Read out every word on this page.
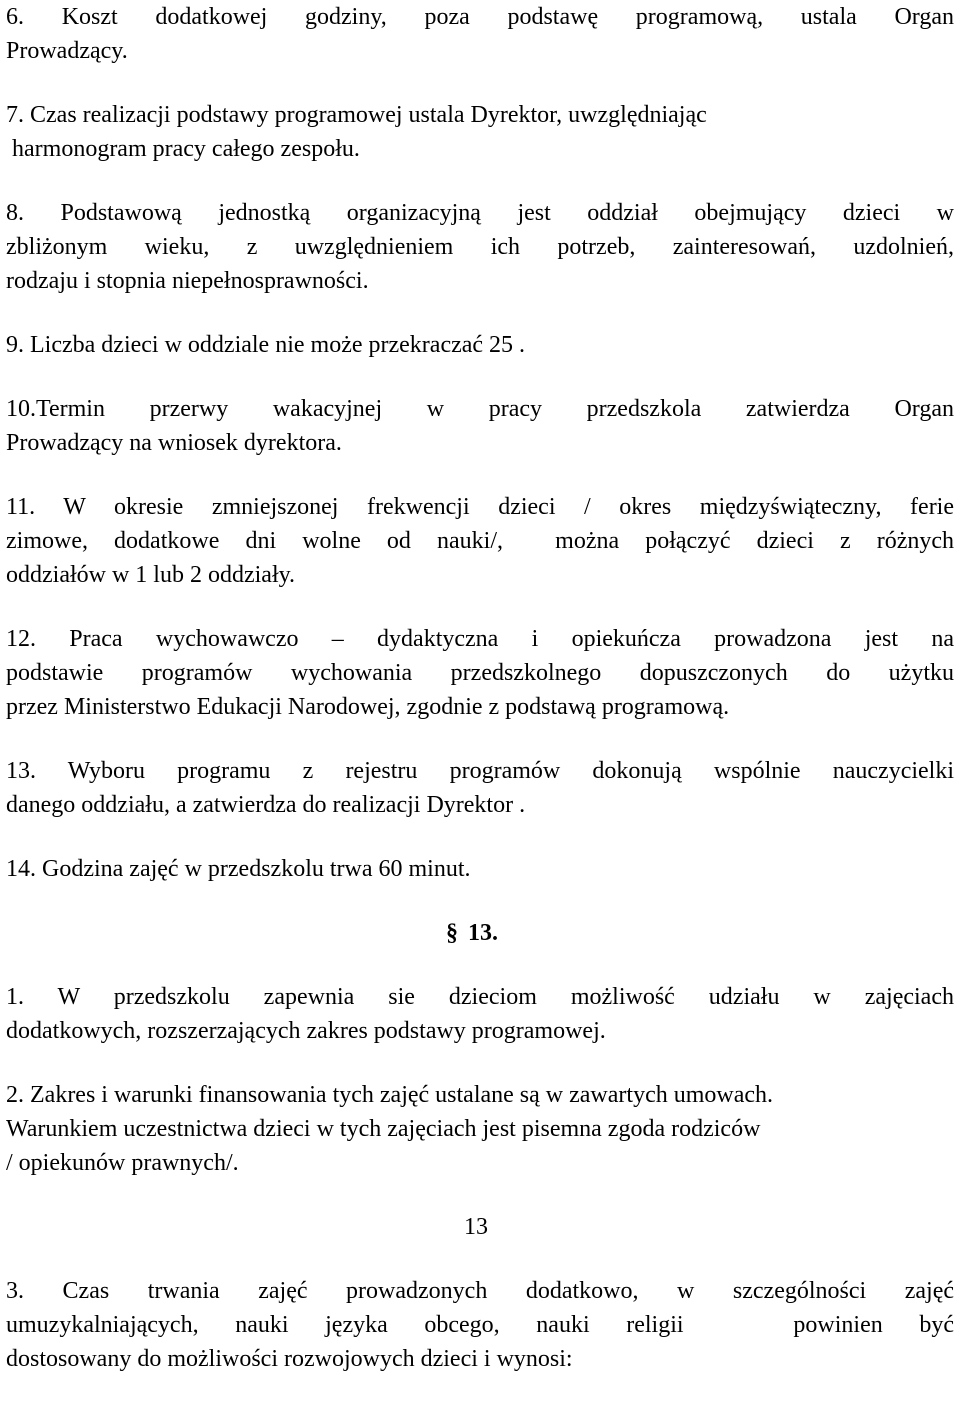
6. Koszt dodatkowej godziny, poza podstawę programową, ustala Organ

Prowadzący.

7. Czas realizacji podstawy programowej ustala Dyrektor, uwzględniając

harmonogram pracy całego zespołu.

8. Podstawową jednostką organizacyjną jest oddział obejmujący dzieci w

zbliżonym wieku, z uwzględnieniem ich potrzeb, zainteresowań, uzdolnień,

rodzaju i stopnia niepełnosprawności.

9. Liczba dzieci w oddziale nie może przekraczać 25 .

10.Termin przerwy wakacyjnej w pracy przedszkola zatwierdza Organ

Prowadzący na wniosek dyrektora.

11. W okresie zmniejszonej frekwencji dzieci / okres międzyświąteczny, ferie

zimowe, dodatkowe dni wolne od nauki/,  można połączyć dzieci z różnych

oddziałów w 1 lub 2 oddziały.

12. Praca wychowawczo – dydaktyczna i opiekuńcza prowadzona jest na

podstawie programów wychowania przedszkolnego dopuszczonych do użytku

przez Ministerstwo Edukacji Narodowej, zgodnie z podstawą programową.

13. Wyboru programu z rejestru programów dokonują wspólnie nauczycielki

danego oddziału, a zatwierdza do realizacji Dyrektor .

14. Godzina zajęć w przedszkolu trwa 60 minut.

§ 13.

1. W przedszkolu zapewnia sie dzieciom możliwość udziału w zajęciach

dodatkowych, rozszerzających zakres podstawy programowej.

2. Zakres i warunki finansowania tych zajęć ustalane są w zawartych umowach.

Warunkiem uczestnictwa dzieci w tych zajęciach jest pisemna zgoda rodziców

/ opiekunów prawnych/.

13

3. Czas trwania zajęć prowadzonych dodatkowo, w szczególności zajęć

umuzykalniających, nauki języka obcego, nauki religii   powinien być

dostosowany do możliwości rozwojowych dzieci i wynosi:
